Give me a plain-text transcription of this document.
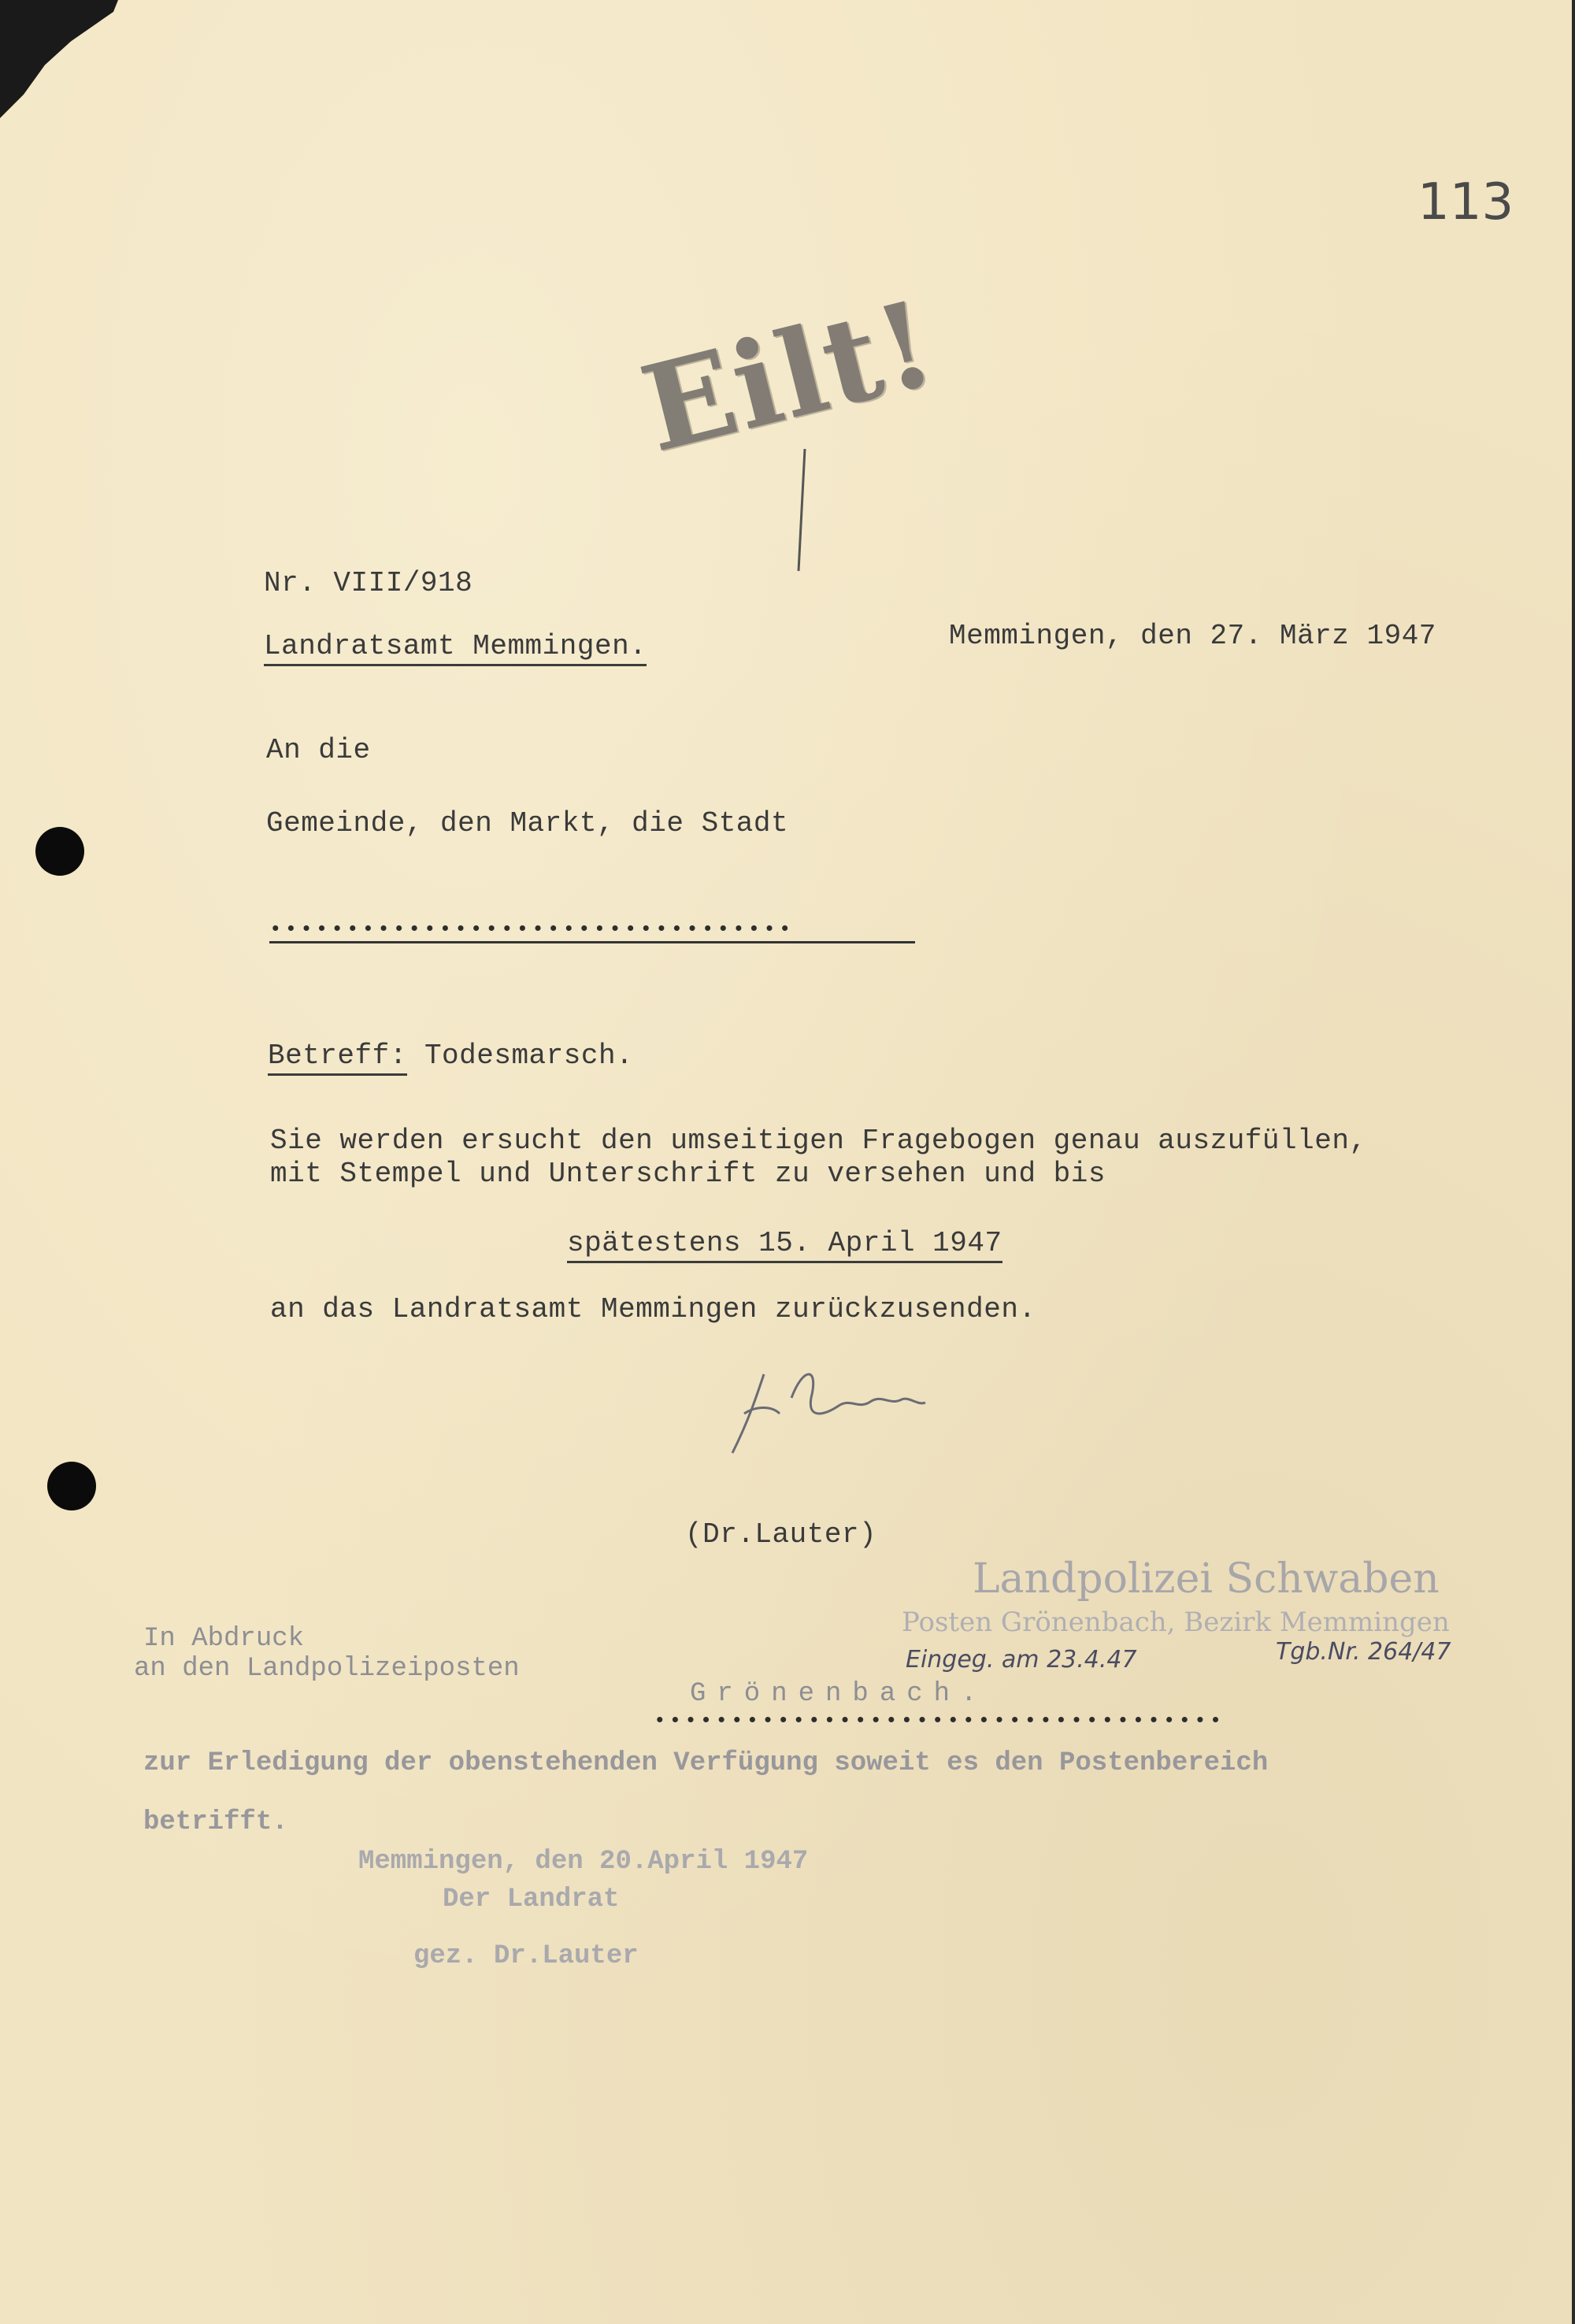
113
Eilt!
Nr. VIII/918
Landratsamt Memmingen.	Memmingen, den 27. März 1947
An die
Gemeinde, den Markt, die Stadt
••••••••••••••••••••••••••••••••••
Betreff: Todesmarsch.
Sie werden ersucht den umseitigen Fragebogen genau auszufüllen,
mit Stempel und Unterschrift zu versehen und bis
spätestens 15. April 1947
an das Landratsamt Memmingen zurückzusenden.
(Dr.Lauter)
Landpolizei Schwaben
Posten Grönenbach, Bezirk Memmingen
Eingeg. am 23.4.47	Tgb.Nr. 264/47
In Abdruck
an den Landpolizeiposten
Grönenbach.
•••••••••••••••••••••••••••••••••••••
zur Erledigung der obenstehenden Verfügung soweit es den Postenbereich
betrifft.
Memmingen, den 20.April 1947
Der Landrat
gez. Dr.Lauter
